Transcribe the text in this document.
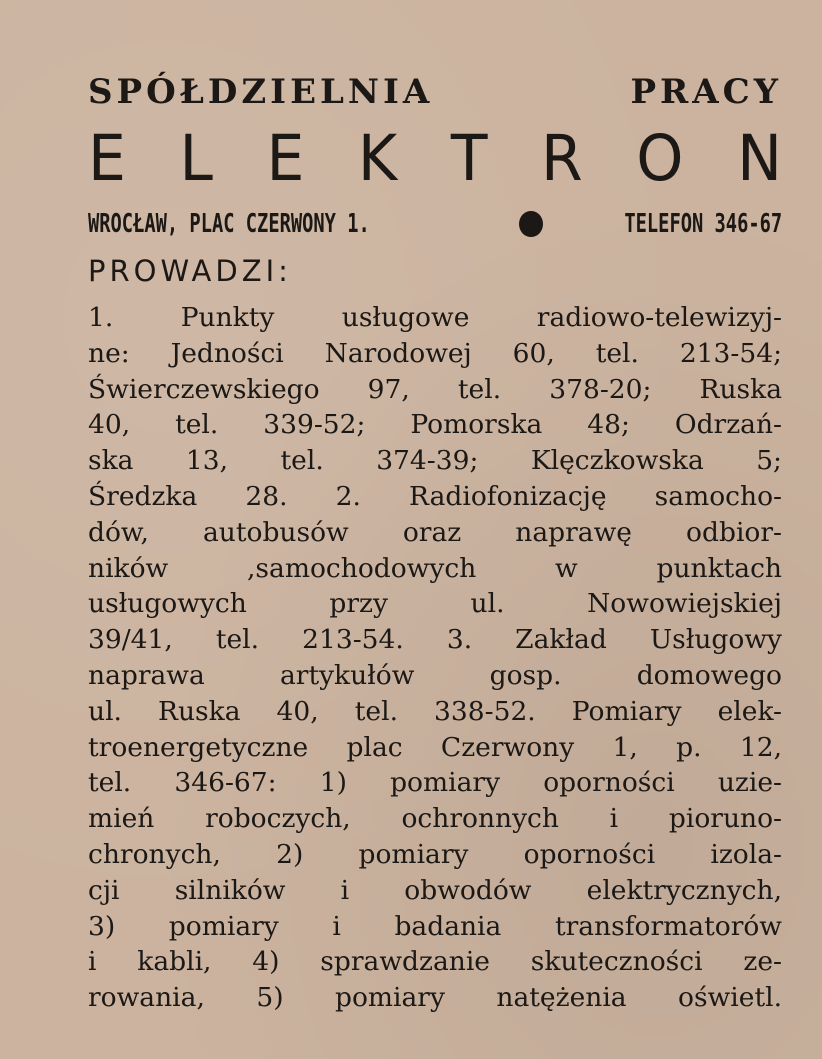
SPÓŁDZIELNIA PRACY
E L E K T R O N
WROCŁAW, PLAC CZERWONY 1.	TELEFON 346-67
PROWADZI:
1. Punkty usługowe radiowo-telewizyj-
ne: Jedności Narodowej 60, tel. 213-54;
Świerczewskiego 97, tel. 378-20; Ruska
40, tel. 339-52; Pomorska 48; Odrzań-
ska 13, tel. 374-39; Klęczkowska 5;
Średzka 28. 2. Radiofonizację samocho-
dów, autobusów oraz naprawę odbior-
ników ,samochodowych w punktach
usługowych przy ul. Nowowiejskiej
39/41, tel. 213-54. 3. Zakład Usługowy
naprawa artykułów gosp. domowego
ul. Ruska 40, tel. 338-52. Pomiary elek-
troenergetyczne plac Czerwony 1, p. 12,
tel. 346-67: 1) pomiary oporności uzie-
mień roboczych, ochronnych i pioruno-
chronych, 2) pomiary oporności izola-
cji silników i obwodów elektrycznych,
3) pomiary i badania transformatorów
i kabli, 4) sprawdzanie skuteczności ze-
rowania, 5) pomiary natężenia oświetl.
